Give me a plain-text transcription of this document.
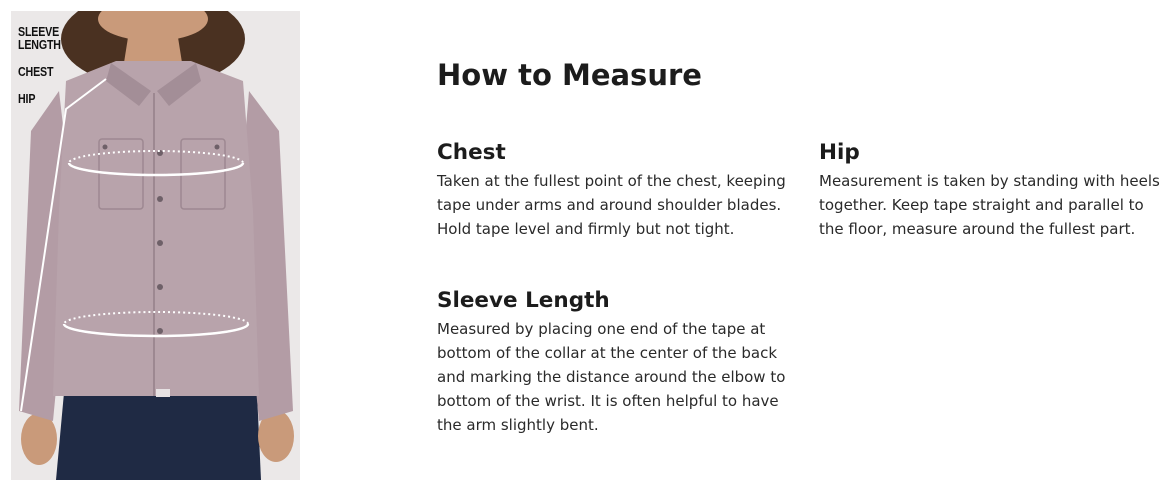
SLEEVE LENGTH
CHEST
HIP
How to Measure
Chest

Taken at the fullest point of the chest, keeping tape under arms and around shoulder blades. Hold tape level and firmly but not tight.

Hip

Measurement is taken by standing with heels together. Keep tape straight and parallel to the floor, measure around the fullest part.

Sleeve Length

Measured by placing one end of the tape at bottom of the collar at the center of the back and marking the distance around the elbow to bottom of the wrist. It is often helpful to have the arm slightly bent.
